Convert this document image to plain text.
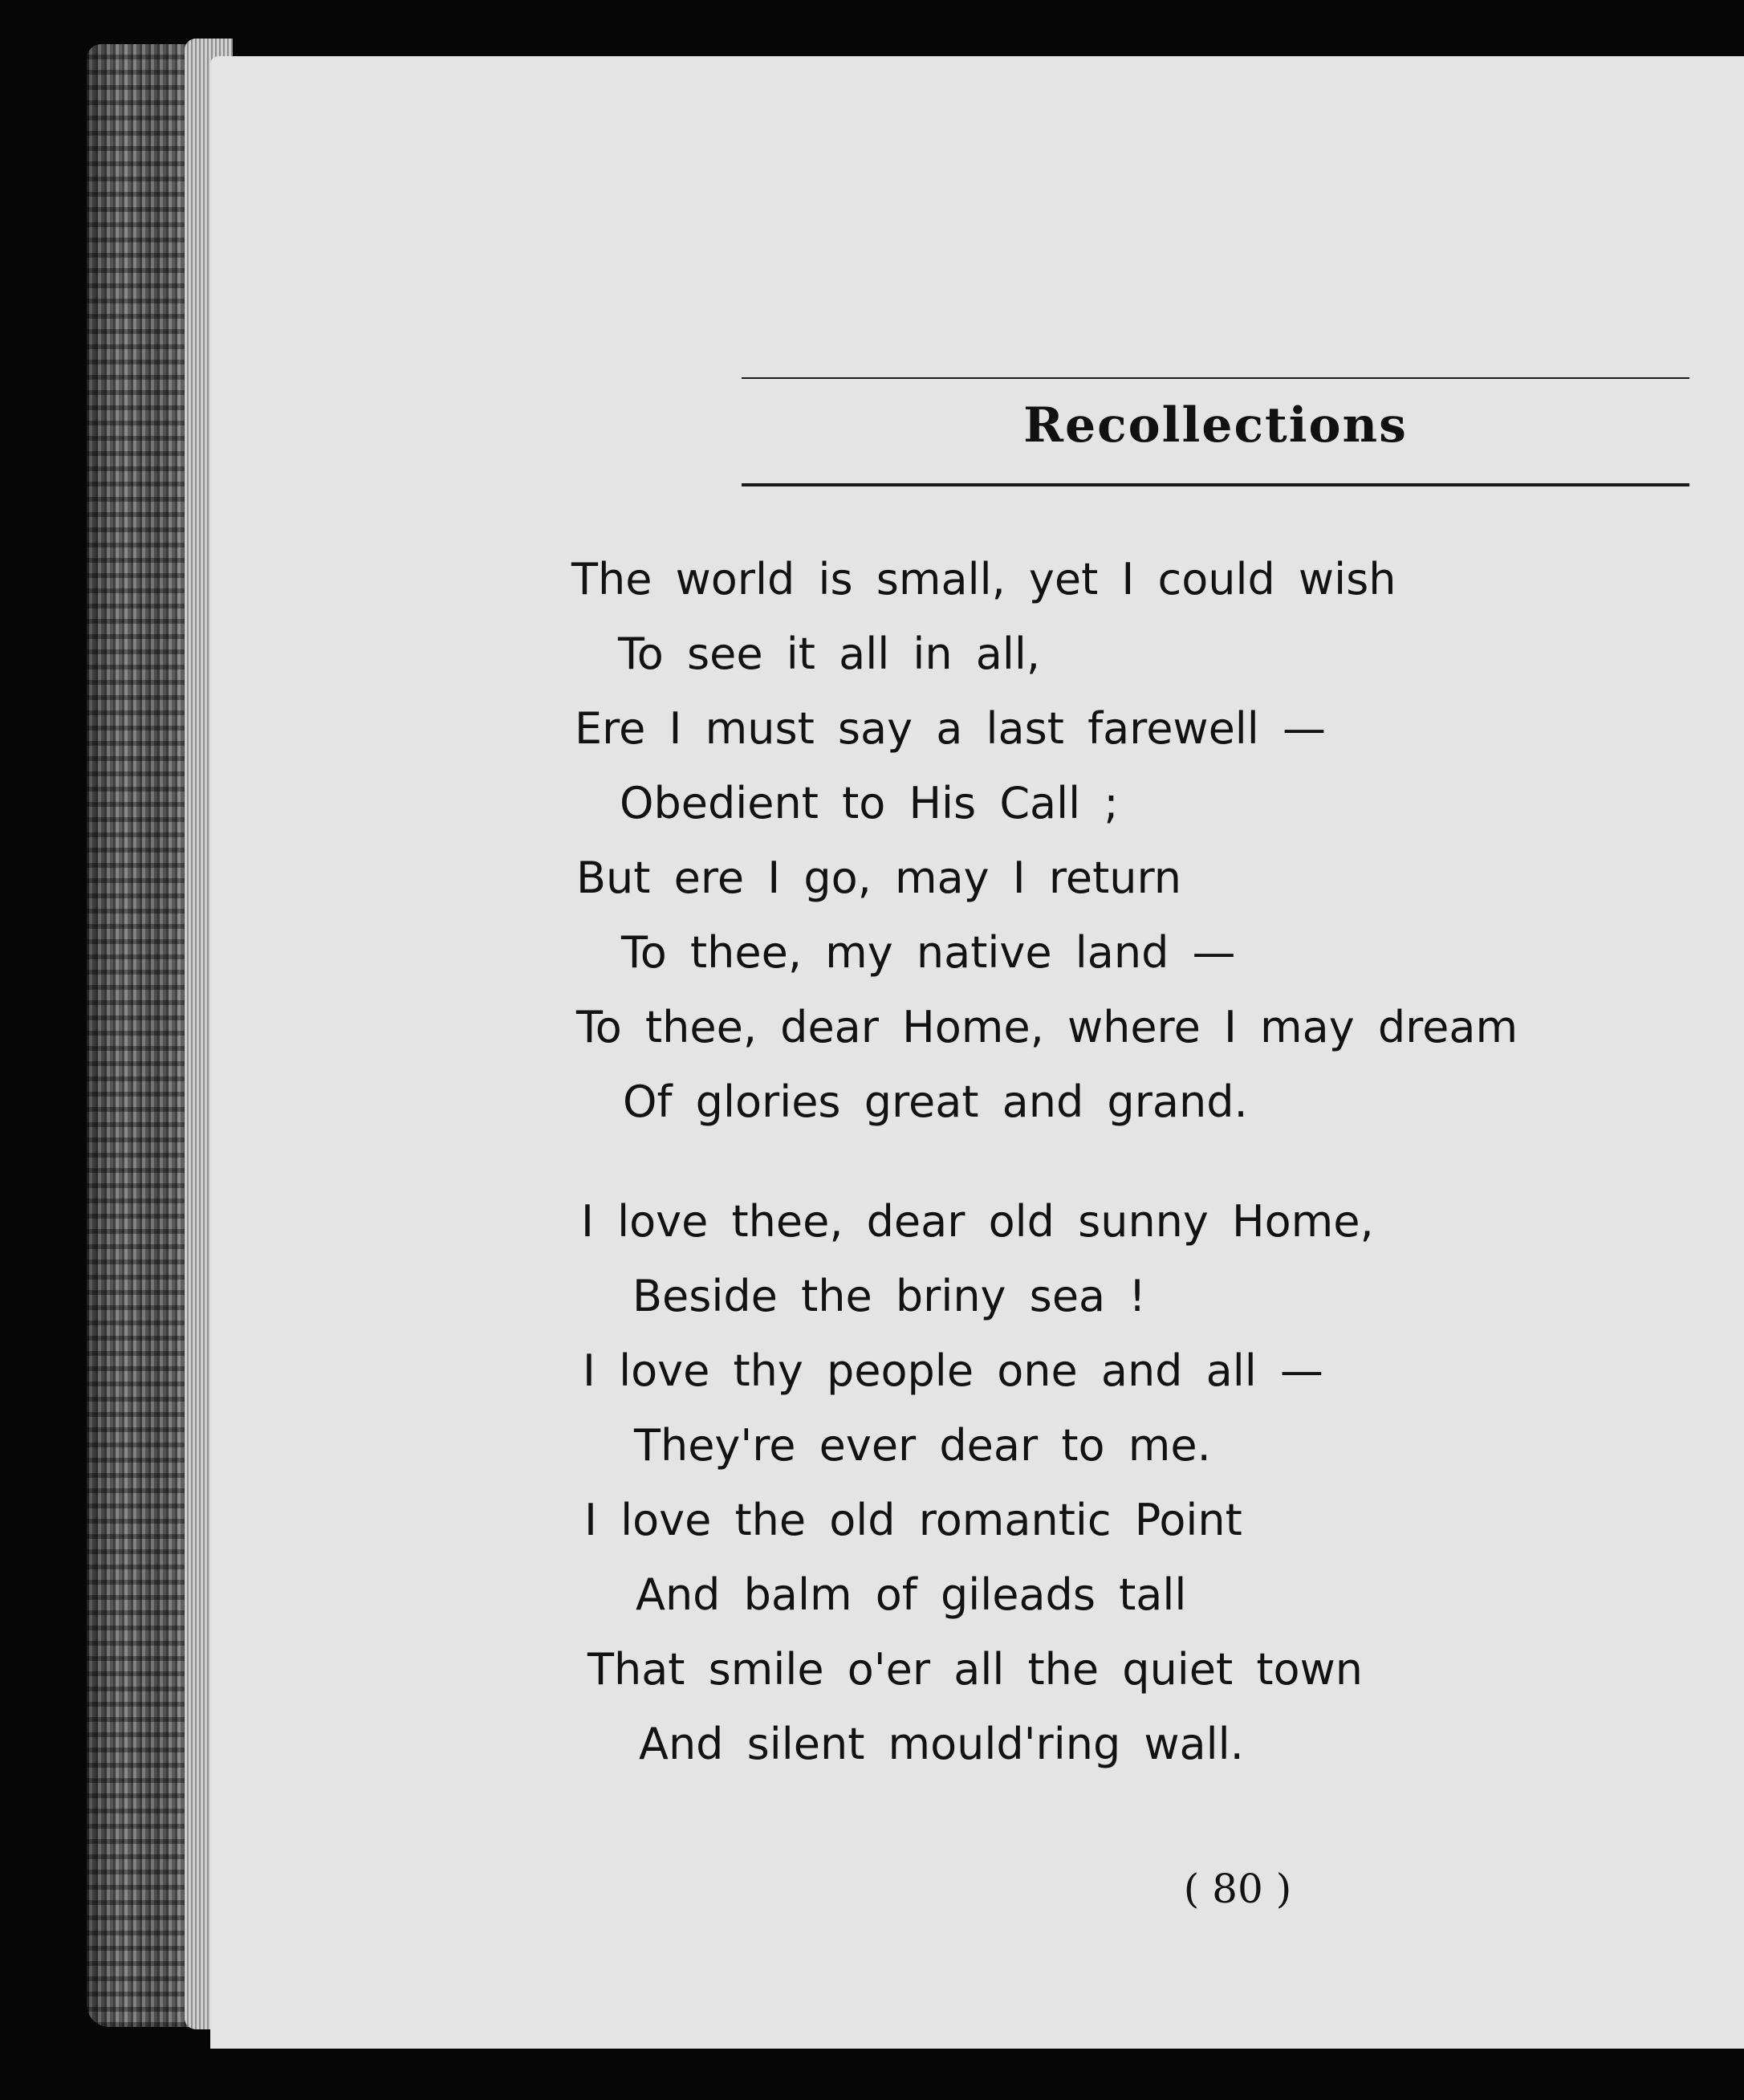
Recollections
The world is small, yet I could wish
To see it all in all,
Ere I must say a last farewell —
Obedient to His Call ;
But ere I go, may I return
To thee, my native land —
To thee, dear Home, where I may dream
Of glories great and grand.
I love thee, dear old sunny Home,
Beside the briny sea !
I love thy people one and all —
They're ever dear to me.
I love the old romantic Point
And balm of gileads tall
That smile o'er all the quiet town
And silent mould'ring wall.
( 80 )
